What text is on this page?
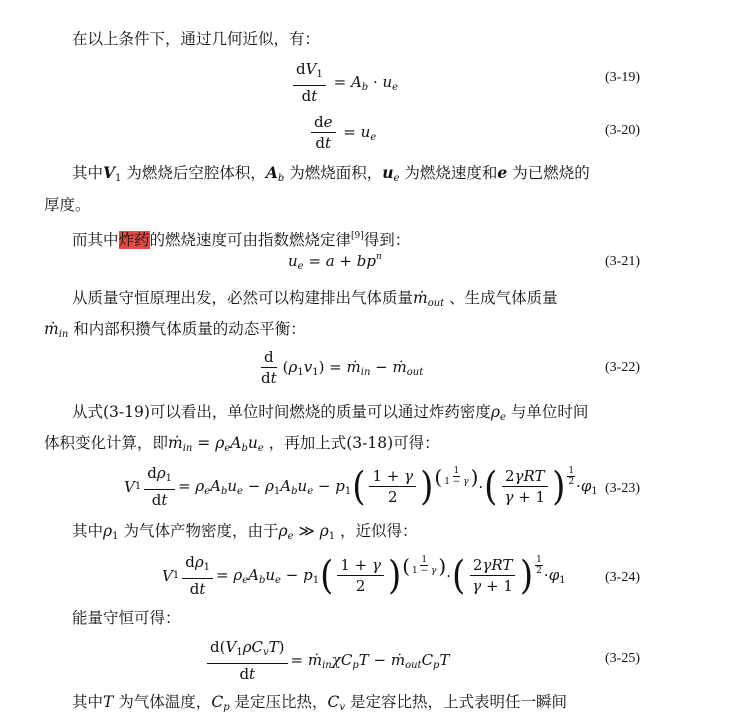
在以上条件下，通过几何近似，有：
$\frac{dV_1}{dt} = A_b \cdot u_e$
(3-19)
$\frac{de}{dt} = u_e$	(3-20)
其中$V_1$ 为燃烧后空腔体积，$A_b$ 为燃烧面积，$u_e$ 为燃烧速度和e 为已燃烧的
厚度。
而其中炸药的燃烧速度可由指数燃烧定律[9]得到：
$u_e = a + bp^n$	(3-21)
从质量守恒原理出发，必然可以构建排出气体质量ṁ$_{out}$ 、生成气体质量
ṁ$_{in}$ 和内部积攒气体质量的动态平衡：
$\frac{d}{dt} (\rho_1v_1)$ = ṁ$_{in}$ − ṁ$_{out}$	(3-22)
从式(3-19)可以看出，单位时间燃烧的质量可以通过炸药密度$\rho_e$ 与单位时间
体积变化计算，即ṁ$_{in}$ = $\rho_eA_bu_e$ ，再加上式(3-18)可得：
V $1 \frac{d\rho_1}{dt} = \rho_eA_bu_e - \rho_1A_bu_e - p_1$ ( $\frac{1 + \gamma}{2}$ ) ( $\frac{1}{1 - \gamma}$ ) · ( $\frac{\text{2γRT}}{\gamma + 1}$ ) $\frac{1}{2} \cdot\varphi_1$ (3-23)
其中$\rho_1$ 为气体产物密度，由于$\rho_e$ ≫ $\rho_1$ ，近似得：
V $1 \frac{d\rho_1}{dt} = \rho_eA_bu_e - p_1$ ( $\frac{1 + \gamma}{2}$ ) ( $\frac{1}{1 - \gamma}$ ) · ( $\frac{\text{2γRT}}{\gamma + 1}$ ) $\frac{1}{2} \cdot\varphi_1$	(3-24)
能量守恒可得：
$\frac{d(V_1\rho C_vT)}{dt}$ = $ṁ_{in}\chi C_pT$ − $ṁ_{out}C_pT$	(3-25)
其中T 为气体温度，$C_p$ 是定压比热，$C_v$ 是定容比热，上式表明任一瞬间
